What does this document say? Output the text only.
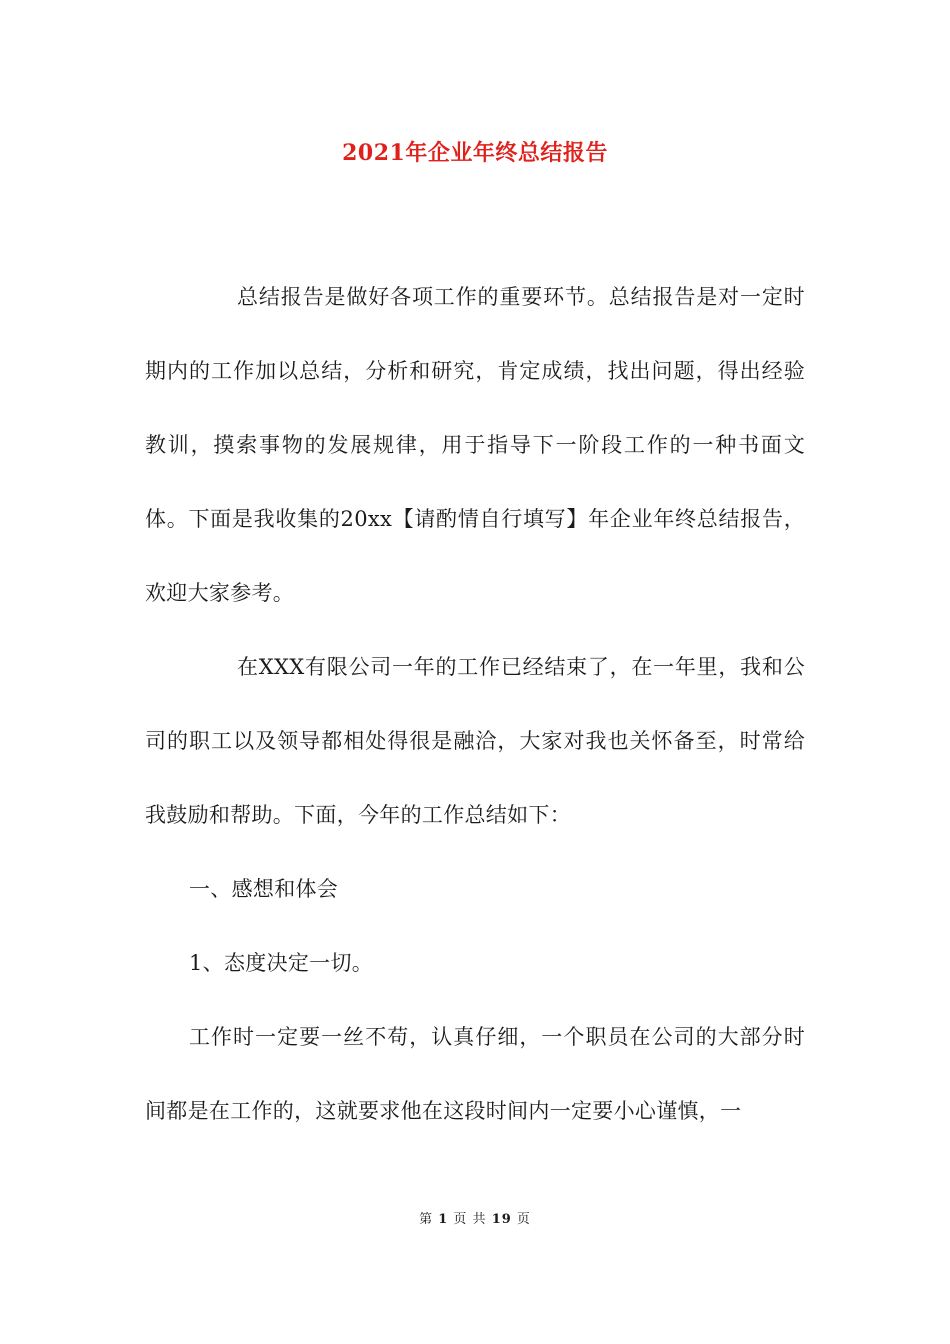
2021年企业年终总结报告

总结报告是做好各项工作的重要环节。总结报告是对一定时期内的工作加以总结，分析和研究，肯定成绩，找出问题，得出经验教训，摸索事物的发展规律，用于指导下一阶段工作的一种书面文体。下面是我收集的20xx【请酌情自行填写】年企业年终总结报告，欢迎大家参考。

在XXX有限公司一年的工作已经结束了，在一年里，我和公司的职工以及领导都相处得很是融洽，大家对我也关怀备至，时常给我鼓励和帮助。下面，今年的工作总结如下：

一、感想和体会

1、态度决定一切。

工作时一定要一丝不苟，认真仔细，一个职员在公司的大部分时间都是在工作的，这就要求他在这段时间内一定要小心谨慎，一

第 1 页 共 19 页
